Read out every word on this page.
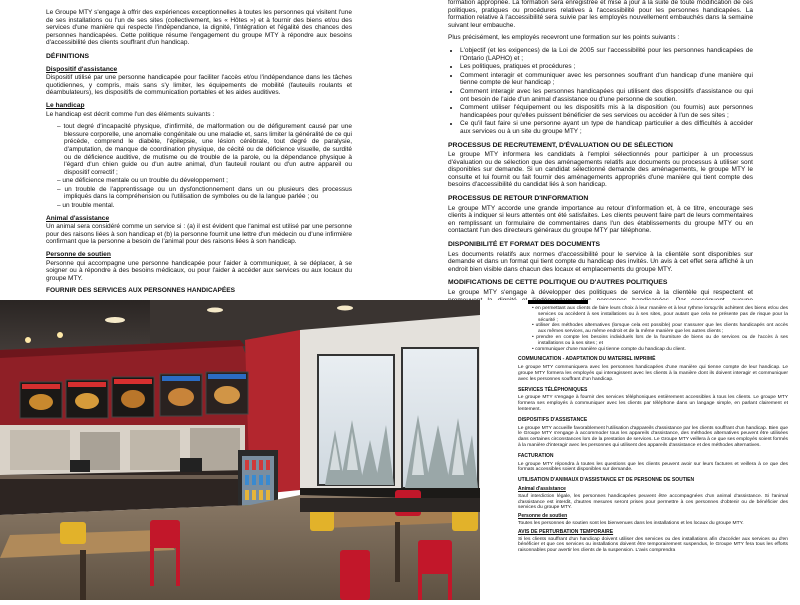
Le Groupe MTY s'engage à offrir des expériences exceptionnelles à toutes les personnes qui visitent l'une de ses installations ou l'un de ses sites (collectivement, les « Hôtes ») et à fournir des biens et/ou des services d'une manière qui respecte l'indépendance, la dignité, l'intégration et l'égalité des chances des personnes handicapées. Cette politique résume l'engagement du groupe MTY à répondre aux besoins d'accessibilité des clients souffrant d'un handicap.

DÉFINITIONS
Dispositif d'assistance

Dispositif utilisé par une personne handicapée pour faciliter l'accès et/ou l'indépendance dans les tâches quotidiennes, y compris, mais sans s'y limiter, les équipements de mobilité (fauteuils roulants et déambulateurs), les dispositifs de communication portables et les aides auditives.

Le handicap

Le handicap est décrit comme l'un des éléments suivants :

– tout degré d'incapacité physique, d'infirmité, de malformation ou de défigurement causé par une blessure corporelle, une anomalie congénitale ou une maladie et, sans limiter la généralité de ce qui précède, comprend le diabète, l'épilepsie, une lésion cérébrale, tout degré de paralysie, d'amputation, de manque de coordination physique, de cécité ou de déficience visuelle, de surdité ou de déficience auditive, de mutisme ou de trouble de la parole, ou la dépendance physique à l'égard d'un chien guide ou d'un autre animal, d'un fauteuil roulant ou d'un autre appareil ou dispositif correctif ;
– une déficience mentale ou un trouble du développement ;
– un trouble de l'apprentissage ou un dysfonctionnement dans un ou plusieurs des processus impliqués dans la compréhension ou l'utilisation de symboles ou de la langue parlée ; ou
– un trouble mental.
Animal d'assistance

Un animal sera considéré comme un service si : (a) il est évident que l'animal est utilisé par une personne pour des raisons liées à son handicap et (b) la personne fournit une lettre d'un médecin ou d'une infirmière confirmant que la personne a besoin de l'animal pour des raisons liées à son handicap.

Personne de soutien

Personne qui accompagne une personne handicapée pour l'aider à communiquer, à se déplacer, à se soigner ou à répondre à des besoins médicaux, ou pour l'aider à accéder aux services ou aux locaux du groupe MTY.

FOURNIR DES SERVICES AUX PERSONNES HANDICAPÉES

formation appropriée. La formation sera enregistrée et mise à jour à la suite de toute modification de ces politiques, pratiques ou procédures relatives à l'accessibilité pour les personnes handicapées. La formation relative à l'accessibilité sera suivie par les employés nouvellement embauchés dans la semaine suivant leur embauche.

Plus précisément, les employés recevront une formation sur les points suivants :

• L'objectif (et les exigences) de la Loi de 2005 sur l'accessibilité pour les personnes handicapées de l'Ontario (LAPHO) et ;
• Les politiques, pratiques et procédures ;
• Comment interagir et communiquer avec les personnes souffrant d'un handicap d'une manière qui tienne compte de leur handicap ;
• Comment interagir avec les personnes handicapées qui utilisent des dispositifs d'assistance ou qui ont besoin de l'aide d'un animal d'assistance ou d'une personne de soutien.
• Comment utiliser l'équipement ou les dispositifs mis à la disposition (ou fournis) aux personnes handicapées pour qu'elles puissent bénéficier de ses services ou accéder à l'un de ses sites ;
• Ce qu'il faut faire si une personne ayant un type de handicap particulier a des difficultés à accéder aux services ou à un site du groupe MTY ;
PROCESSUS DE RECRUTEMENT, D'ÉVALUATION OU DE SÉLECTION

Le groupe MTY informera les candidats à l'emploi sélectionnés pour participer à un processus d'évaluation ou de sélection que des aménagements relatifs aux documents ou processus à utiliser sont disponibles sur demande. Si un candidat sélectionné demande des aménagements, le groupe MTY le consulte et lui fournit ou fait fournir des aménagements appropriés d'une manière qui tient compte des besoins d'accessibilité du candidat liés à son handicap.

PROCESSUS DE RETOUR D'INFORMATION

Le groupe MTY accorde une grande importance au retour d'information et, à ce titre, encourage ses clients à indiquer si leurs attentes ont été satisfaites. Les clients peuvent faire part de leurs commentaires en remplissant un formulaire de commentaires dans l'un des établissements du groupe MTY ou en contactant l'un des directeurs généraux du groupe MTY par téléphone.

DISPONIBILITÉ ET FORMAT DES DOCUMENTS

Les documents relatifs aux normes d'accessibilité pour le service à la clientèle sont disponibles sur demande et dans un format qui tient compte du handicap des invités. Un avis à cet effet sera affiché à un endroit bien visible dans chacun des locaux et emplacements du groupe MTY.

MODIFICATIONS DE CETTE POLITIQUE OU D'AUTRES POLITIQUES

Le groupe MTY s'engage à développer des politiques de service à la clientèle qui respectent et

• en permettant aux clients de faire leurs choix à leur manière et à leur rythme lorsqu'ils achètent des biens et/ou des services ou accèdent à ses installations ou à ses sites, pour autant que cela ne présente pas de risque pour la sécurité ;
• utiliser des méthodes alternatives (lorsque cela est possible) pour s'assurer que les clients handicapés ont accès aux mêmes services, au même endroit et de la même manière que les autres clients ;
• prendre en compte les besoins individuels lors de la fourniture de biens ou de services ou de l'accès à ses installations ou à ses sites ; et
• communiquer d'une manière qui tienne compte du handicap du client.
COMMUNICATION - ADAPTATION DU MATERIEL IMPRIMÉ

Le groupe MTY communiquera avec les personnes handicapées d'une manière qui tienne compte de leur handicap. Le groupe MTY formera les employés qui interagissent avec les clients à la manière dont ils doivent interagir et communiquer avec les personnes souffrant d'un handicap.

SERVICES TÉLÉPHONIQUES

Le groupe MTY s'engage à fournir des services téléphoniques entièrement accessibles à tous les clients. Le groupe MTY formera ses employés à communiquer avec les clients par téléphone dans un langage simple, en parlant clairement et lentement.

DISPOSITIFS D'ASSISTANCE

Le groupe MTY accueille favorablement l'utilisation d'appareils d'assistance par les clients souffrant d'un handicap. Bien que le Groupe MTY s'engage à accommoder tous les appareils d'assistance, des méthodes alternatives peuvent être utilisées dans certaines circonstances lors de la prestation de services. Le Groupe MTY veillera à ce que ses employés soient formés à la manière d'interagir avec les personnes qui utilisent des appareils d'assistance et des méthodes alternatives.

FACTURATION

Le groupe MTY répondra à toutes les questions que les clients peuvent avoir sur leurs factures et veillera à ce que des formats accessibles soient disponibles sur demande.

UTILISATION D'ANIMAUX D'ASSISTANCE ET DE PERSONNE DE SOUTIEN
Animal d'assistance

Sauf interdiction légale, les personnes handicapées peuvent être accompagnées d'un animal d'assistance. Si l'animal d'assistance est interdit, d'autres mesures seront prises pour permettre à ces personnes d'obtenir ou de bénéficier des services du groupe MTY.

Personne de soutien

Toutes les personnes de soutien sont les bienvenues dans les installations et les locaux du groupe MTY.

AVIS DE PERTURBATION TEMPORAIRE

Si les clients souffrant d'un handicap doivent utiliser des services ou des installations afin d'accéder aux services ou d'en bénéficier et que ces services ou installations doivent être temporairement suspendus, le Groupe MTY fera tous les efforts raisonnables pour avertir les clients de la suspension. L'avis comprendra
